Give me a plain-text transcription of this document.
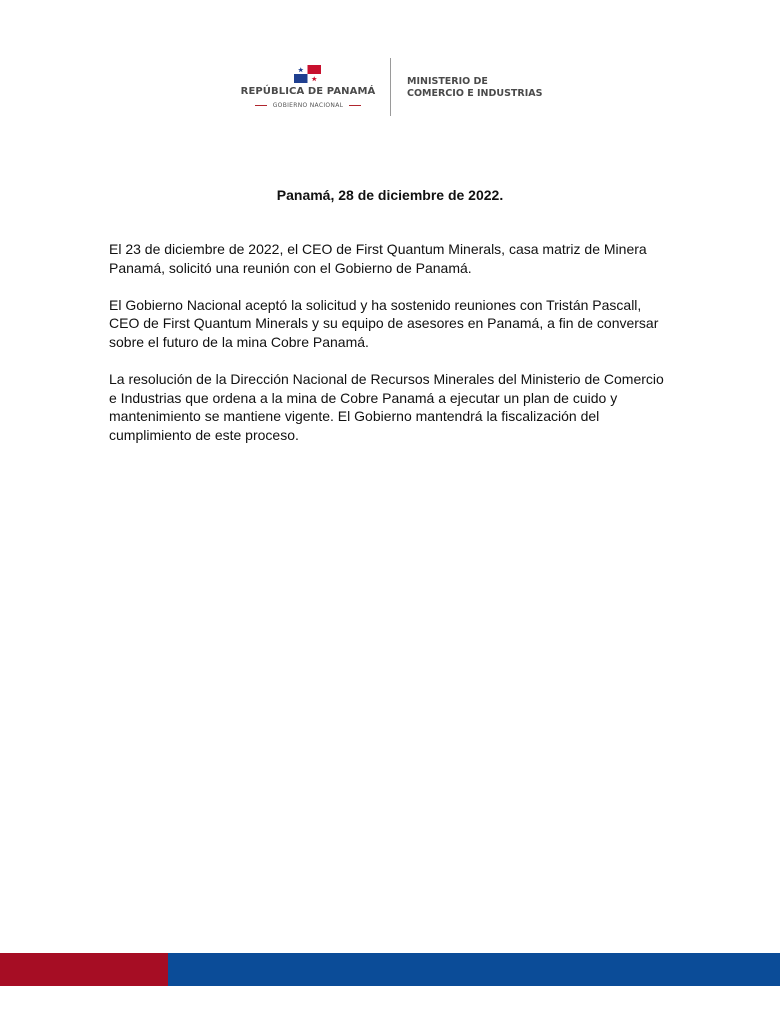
REPÚBLICA DE PANAMÁ
GOBIERNO NACIONAL
MINISTERIO DE
COMERCIO E INDUSTRIAS
Panamá, 28 de diciembre de 2022.

El 23 de diciembre de 2022, el CEO de First Quantum Minerals, casa matriz de Minera Panamá, solicitó una reunión con el Gobierno de Panamá.

El Gobierno Nacional aceptó la solicitud y ha sostenido reuniones con Tristán Pascall, CEO de First Quantum Minerals y su equipo de asesores en Panamá, a fin de conversar sobre el futuro de la mina Cobre Panamá.

La resolución de la Dirección Nacional de Recursos Minerales del Ministerio de Comercio e Industrias que ordena a la mina de Cobre Panamá a ejecutar un plan de cuido y mantenimiento se mantiene vigente. El Gobierno mantendrá la fiscalización del cumplimiento de este proceso.
